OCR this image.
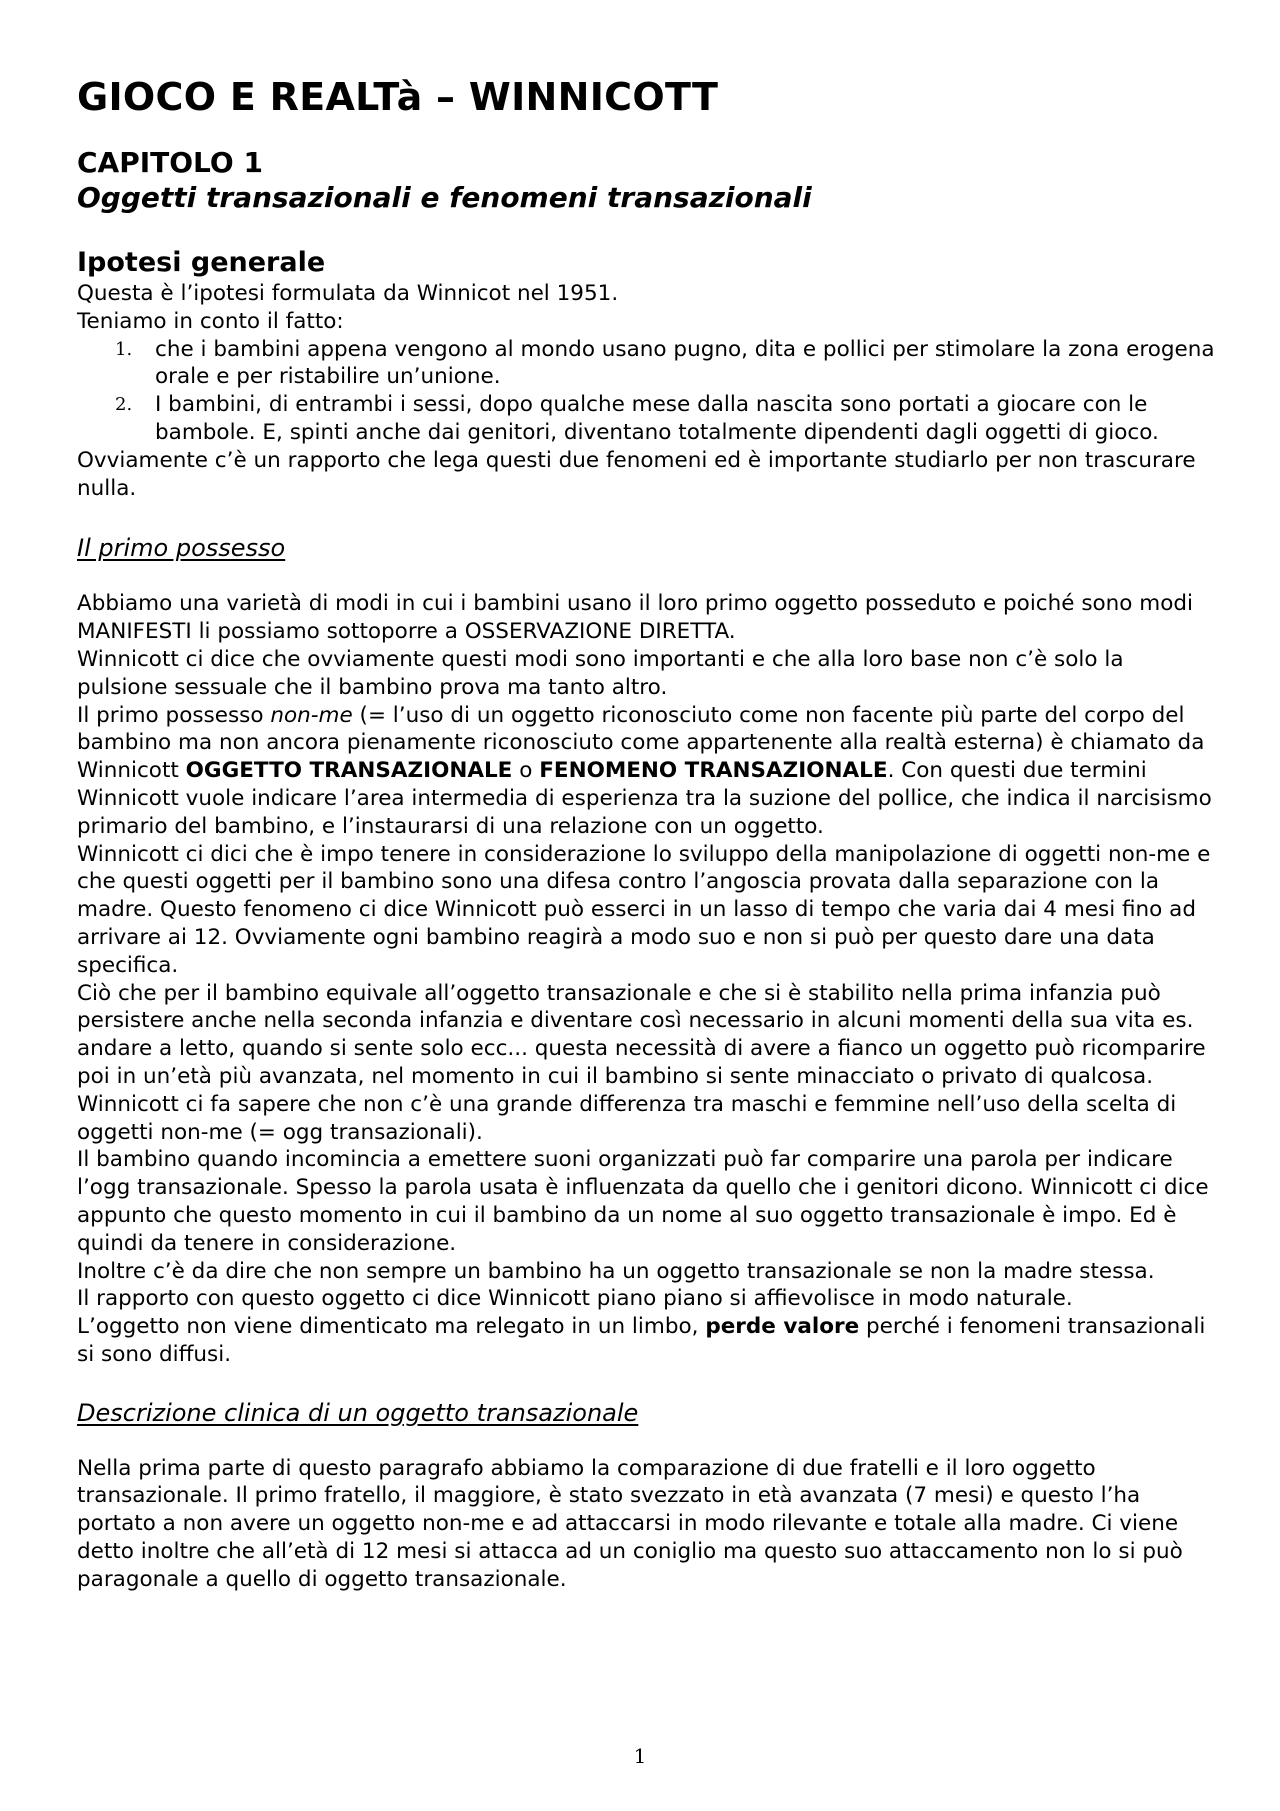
GIOCO E REALTà – WINNICOTT
CAPITOLO 1
Oggetti transazionali e fenomeni transazionali
Ipotesi generale

Questa è l’ipotesi formulata da Winnicot nel 1951.

Teniamo in conto il fatto:

1. che i bambini appena vengono al mondo usano pugno, dita e pollici per stimolare la zona erogena orale e per ristabilire un’unione.
2. I bambini, di entrambi i sessi, dopo qualche mese dalla nascita sono portati a giocare con le bambole. E, spinti anche dai genitori, diventano totalmente dipendenti dagli oggetti di gioco.

Ovviamente c’è un rapporto che lega questi due fenomeni ed è importante studiarlo per non trascurare nulla.

Il primo possesso

Abbiamo una varietà di modi in cui i bambini usano il loro primo oggetto posseduto e poiché sono modi MANIFESTI li possiamo sottoporre a OSSERVAZIONE DIRETTA.

Winnicott ci dice che ovviamente questi modi sono importanti e che alla loro base non c’è solo la pulsione sessuale che il bambino prova ma tanto altro.

Il primo possesso non-me (= l’uso di un oggetto riconosciuto come non facente più parte del corpo del bambino ma non ancora pienamente riconosciuto come appartenente alla realtà esterna) è chiamato da Winnicott OGGETTO TRANSAZIONALE o FENOMENO TRANSAZIONALE. Con questi due termini Winnicott vuole indicare l’area intermedia di esperienza tra la suzione del pollice, che indica il narcisismo primario del bambino, e l’instaurarsi di una relazione con un oggetto.

Winnicott ci dici che è impo tenere in considerazione lo sviluppo della manipolazione di oggetti non-me e che questi oggetti per il bambino sono una difesa contro l’angoscia provata dalla separazione con la madre. Questo fenomeno ci dice Winnicott può esserci in un lasso di tempo che varia dai 4 mesi fino ad arrivare ai 12. Ovviamente ogni bambino reagirà a modo suo e non si può per questo dare una data specifica.

Ciò che per il bambino equivale all’oggetto transazionale e che si è stabilito nella prima infanzia può persistere anche nella seconda infanzia e diventare così necessario in alcuni momenti della sua vita es. andare a letto, quando si sente solo ecc... questa necessità di avere a fianco un oggetto può ricomparire poi in un’età più avanzata, nel momento in cui il bambino si sente minacciato o privato di qualcosa.

Winnicott ci fa sapere che non c’è una grande differenza tra maschi e femmine nell’uso della scelta di oggetti non-me (= ogg transazionali).

Il bambino quando incomincia a emettere suoni organizzati può far comparire una parola per indicare l’ogg transazionale. Spesso la parola usata è influenzata da quello che i genitori dicono. Winnicott ci dice appunto che questo momento in cui il bambino da un nome al suo oggetto transazionale è impo. Ed è quindi da tenere in considerazione.

Inoltre c’è da dire che non sempre un bambino ha un oggetto transazionale se non la madre stessa.

Il rapporto con questo oggetto ci dice Winnicott piano piano si affievolisce in modo naturale.

L’oggetto non viene dimenticato ma relegato in un limbo, perde valore perché i fenomeni transazionali si sono diffusi.

Descrizione clinica di un oggetto transazionale

Nella prima parte di questo paragrafo abbiamo la comparazione di due fratelli e il loro oggetto transazionale. Il primo fratello, il maggiore, è stato svezzato in età avanzata (7 mesi) e questo l’ha portato a non avere un oggetto non-me e ad attaccarsi in modo rilevante e totale alla madre. Ci viene detto inoltre che all’età di 12 mesi si attacca ad un coniglio ma questo suo attaccamento non lo si può paragonale a quello di oggetto transazionale.

1
